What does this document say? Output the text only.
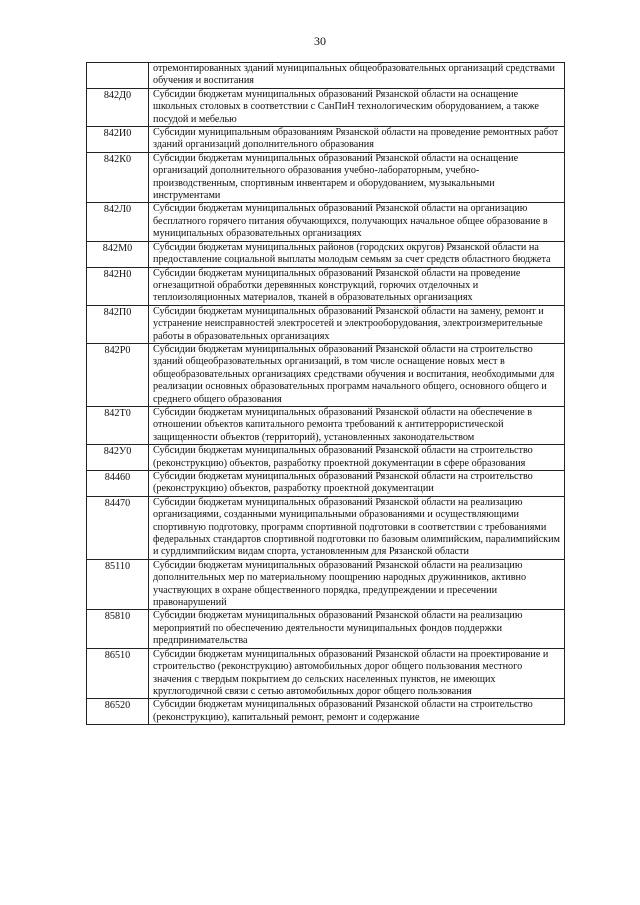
30
	отремонтированных зданий муниципальных общеобразовательных организаций средствами обучения и воспитания
842Д0	Субсидии бюджетам муниципальных образований Рязанской области на оснащение школьных столовых в соответствии с СанПиН технологическим оборудованием, а также посудой и мебелью
842И0	Субсидии муниципальным образованиям Рязанской области на проведение ремонтных работ зданий организаций дополнительного образования
842К0	Субсидии бюджетам муниципальных образований Рязанской области на оснащение организаций дополнительного образования учебно-лабораторным, учебно-производственным, спортивным инвентарем и оборудованием, музыкальными инструментами
842Л0	Субсидии бюджетам муниципальных образований Рязанской области на организацию бесплатного горячего питания обучающихся, получающих начальное общее образование в муниципальных образовательных организациях
842М0	Субсидии бюджетам муниципальных районов (городских округов) Рязанской области на предоставление социальной выплаты молодым семьям за счет средств областного бюджета
842Н0	Субсидии бюджетам муниципальных образований Рязанской области на проведение огнезащитной обработки деревянных конструкций, горючих отделочных и теплоизоляционных материалов, тканей в образовательных организациях
842П0	Субсидии бюджетам муниципальных образований Рязанской области на замену, ремонт и устранение неисправностей электросетей и электрооборудования, электроизмерительные работы в образовательных организациях
842Р0	Субсидии бюджетам муниципальных образований Рязанской области на строительство зданий общеобразовательных организаций, в том числе оснащение новых мест в общеобразовательных организациях средствами обучения и воспитания, необходимыми для реализации основных образовательных программ начального общего, основного общего и среднего общего образования
842Т0	Субсидии бюджетам муниципальных образований Рязанской области на обеспечение в отношении объектов капитального ремонта требований к антитеррористической защищенности объектов (территорий), установленных законодательством
842У0	Субсидии бюджетам муниципальных образований Рязанской области на строительство (реконструкцию) объектов, разработку проектной документации в сфере образования
84460	Субсидии бюджетам муниципальных образований Рязанской области на строительство (реконструкцию) объектов, разработку проектной документации
84470	Субсидии бюджетам муниципальных образований Рязанской области на реализацию организациями, созданными муниципальными образованиями и осуществляющими спортивную подготовку, программ спортивной подготовки в соответствии с требованиями федеральных стандартов спортивной подготовки по базовым олимпийским, паралимпийским и сурдлимпийским видам спорта, установленным для Рязанской области
85110	Субсидии бюджетам муниципальных образований Рязанской области на реализацию дополнительных мер по материальному поощрению народных дружинников, активно участвующих в охране общественного порядка, предупреждении и пресечении правонарушений
85810	Субсидии бюджетам муниципальных образований Рязанской области на реализацию мероприятий по обеспечению деятельности муниципальных фондов поддержки предпринимательства
86510	Субсидии бюджетам муниципальных образований Рязанской области на проектирование и строительство (реконструкцию) автомобильных дорог общего пользования местного значения с твердым покрытием до сельских населенных пунктов, не имеющих круглогодичной связи с сетью автомобильных дорог общего пользования
86520	Субсидии бюджетам муниципальных образований Рязанской области на строительство (реконструкцию), капитальный ремонт, ремонт и содержание
